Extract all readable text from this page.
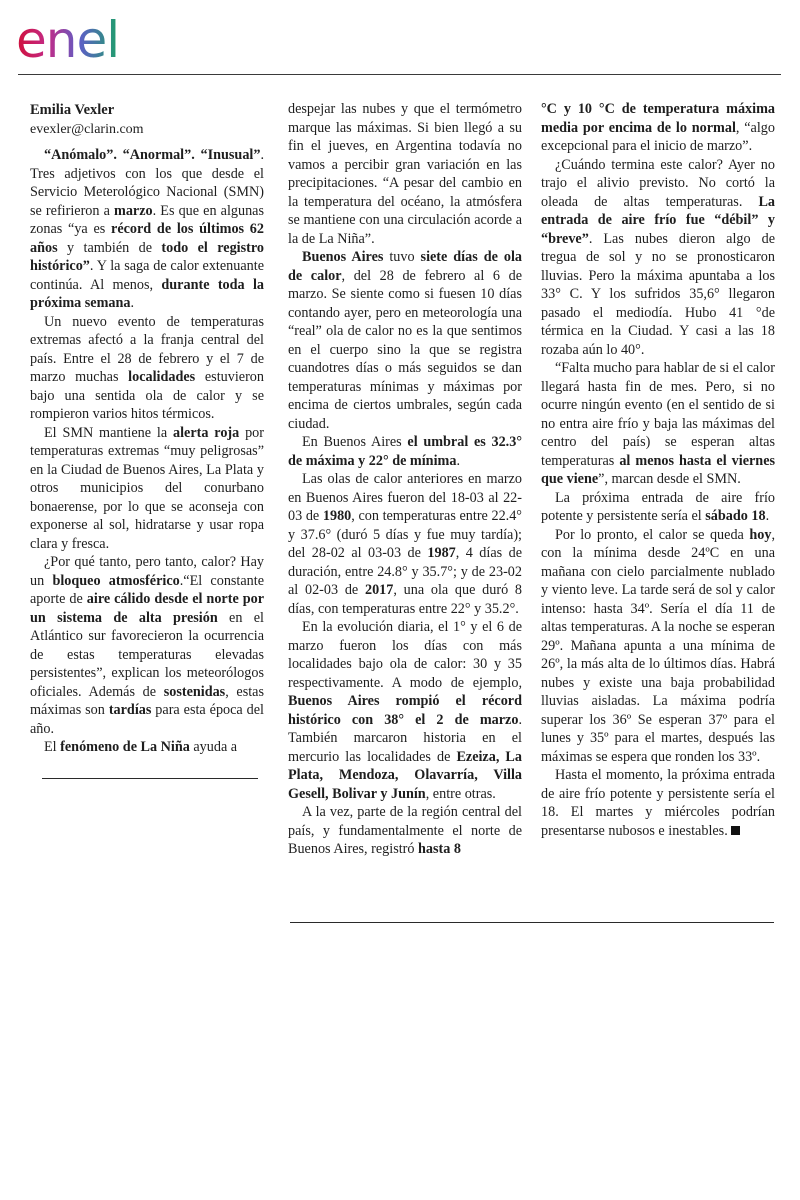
enel
Emilia Vexler
evexler@clarin.com

“Anómalo”. “Anormal”. “Inusual”. Tres adjetivos con los que desde el Servicio Meterológico Nacional (SMN) se refirieron a marzo. Es que en algunas zonas “ya es récord de los últimos 62 años y también de todo el registro histórico”. Y la saga de calor extenuante continúa. Al menos, durante toda la próxima semana.

Un nuevo evento de temperaturas extremas afectó a la franja central del país. Entre el 28 de febrero y el 7 de marzo muchas localidades estuvieron bajo una sentida ola de calor y se rompieron varios hitos térmicos.

El SMN mantiene la alerta roja por temperaturas extremas “muy peligrosas” en la Ciudad de Buenos Aires, La Plata y otros municipios del conurbano bonaerense, por lo que se aconseja con exponerse al sol, hidratarse y usar ropa clara y fresca.

¿Por qué tanto, pero tanto, calor? Hay un bloqueo atmosférico.“El constante aporte de aire cálido desde el norte por un sistema de alta presión en el Atlántico sur favorecieron la ocurrencia de estas temperaturas elevadas persistentes”, explican los meteorólogos oficiales. Además de sostenidas, estas máximas son tardías para esta época del año.

El fenómeno de La Niña ayuda a

despejar las nubes y que el termómetro marque las máximas. Si bien llegó a su fin el jueves, en Argentina todavía no vamos a percibir gran variación en las precipitaciones. “A pesar del cambio en la temperatura del océano, la atmósfera se mantiene con una circulación acorde a la de La Niña”.

Buenos Aires tuvo siete días de ola de calor, del 28 de febrero al 6 de marzo. Se siente como si fuesen 10 días contando ayer, pero en meteorología una “real” ola de calor no es la que sentimos en el cuerpo sino la que se registra cuandotres días o más seguidos se dan temperaturas mínimas y máximas por encima de ciertos umbrales, según cada ciudad.

En Buenos Aires el umbral es 32.3° de máxima y 22° de mínima.

Las olas de calor anteriores en marzo en Buenos Aires fueron del 18-03 al 22-03 de 1980, con temperaturas entre 22.4° y 37.6° (duró 5 días y fue muy tardía); del 28-02 al 03-03 de 1987, 4 días de duración, entre 24.8° y 35.7°; y de 23-02 al 02-03 de 2017, una ola que duró 8 días, con temperaturas entre 22° y 35.2°.

En la evolución diaria, el 1° y el 6 de marzo fueron los días con más localidades bajo ola de calor: 30 y 35 respectivamente. A modo de ejemplo, Buenos Aires rompió el récord histórico con 38° el 2 de marzo. También marcaron historia en el mercurio las localidades de Ezeiza, La Plata, Mendoza, Olavarría, Villa Gesell, Bolivar y Junín, entre otras.

A la vez, parte de la región central del país, y fundamentalmente el norte de Buenos Aires, registró hasta 8

°C y 10 °C de temperatura máxima media por encima de lo normal, “algo excepcional para el inicio de marzo”.

¿Cuándo termina este calor? Ayer no trajo el alivio previsto. No cortó la oleada de altas temperaturas. La entrada de aire frío fue “débil” y “breve”. Las nubes dieron algo de tregua de sol y no se pronosticaron lluvias. Pero la máxima apuntaba a los 33° C. Y los sufridos 35,6° llegaron pasado el mediodía. Hubo 41 °de térmica en la Ciudad. Y casi a las 18 rozaba aún lo 40°.

“Falta mucho para hablar de si el calor llegará hasta fin de mes. Pero, si no ocurre ningún evento (en el sentido de si no entra aire frío y baja las máximas del centro del país) se esperan altas temperaturas al menos hasta el viernes que viene”, marcan desde el SMN.

La próxima entrada de aire frío potente y persistente sería el sábado 18.

Por lo pronto, el calor se queda hoy, con la mínima desde 24ºC en una mañana con cielo parcialmente nublado y viento leve. La tarde será de sol y calor intenso: hasta 34º. Sería el día 11 de altas temperaturas. A la noche se esperan 29º. Mañana apunta a una mínima de 26º, la más alta de lo últimos días. Habrá nubes y existe una baja probabilidad lluvias aisladas. La máxima podría superar los 36º Se esperan 37º para el lunes y 35º para el martes, después las máximas se espera que ronden los 33º.

Hasta el momento, la próxima entrada de aire frío potente y persistente sería el 18. El martes y miércoles podrían presentarse nubosos e inestables.
